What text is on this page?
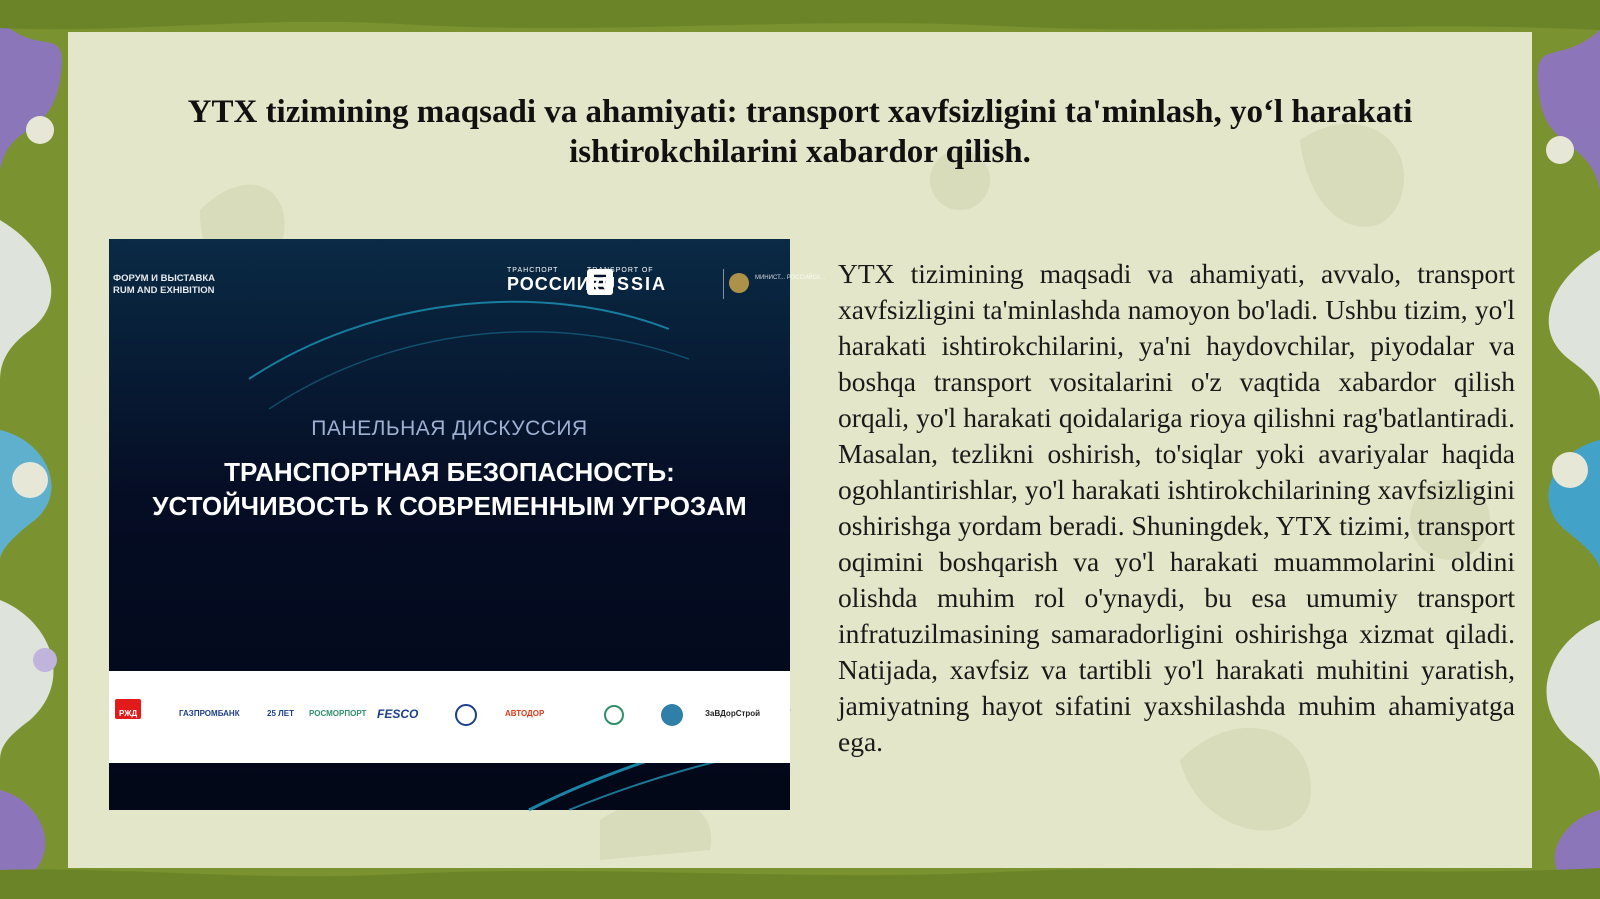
YTX tizimining maqsadi va ahamiyati: transport xavfsizligini ta'minlash, yo‘l harakati ishtirokchilarini xabardor qilish.
ФОРУМ И ВЫСТАВКА
RUM AND EXHIBITION
ТРАНСПОРТ
РОССИИ
TRANSPORT OF
RUSSIA	МИНИСТ... РОССИЙСК...
ПАНЕЛЬНАЯ ДИСКУССИЯ
ТРАНСПОРТНАЯ БЕЗОПАСНОСТЬ:
УСТОЙЧИВОСТЬ К СОВРЕМЕННЫМ УГРОЗАМ
РЖД	ГАЗПРОМБАНК	25 ЛЕТ РОСМОРПОРТ FESCO	АВТОДОР	ЗаВДорСтрой

YTX tizimining maqsadi va ahamiyati, avvalo, transport xavfsizligini ta'minlashda namoyon bo'ladi. Ushbu tizim, yo'l harakati ishtirokchilarini, ya'ni haydovchilar, piyodalar va boshqa transport vositalarini o'z vaqtida xabardor qilish orqali, yo'l harakati qoidalariga rioya qilishni rag'batlantiradi. Masalan, tezlikni oshirish, to'siqlar yoki avariyalar haqida ogohlantirishlar, yo'l harakati ishtirokchilarining xavfsizligini oshirishga yordam beradi. Shuningdek, YTX tizimi, transport oqimini boshqarish va yo'l harakati muammolarini oldini olishda muhim rol o'ynaydi, bu esa umumiy transport infratuzilmasining samaradorligini oshirishga xizmat qiladi. Natijada, xavfsiz va tartibli yo'l harakati muhitini yaratish, jamiyatning hayot sifatini yaxshilashda muhim ahamiyatga ega.
